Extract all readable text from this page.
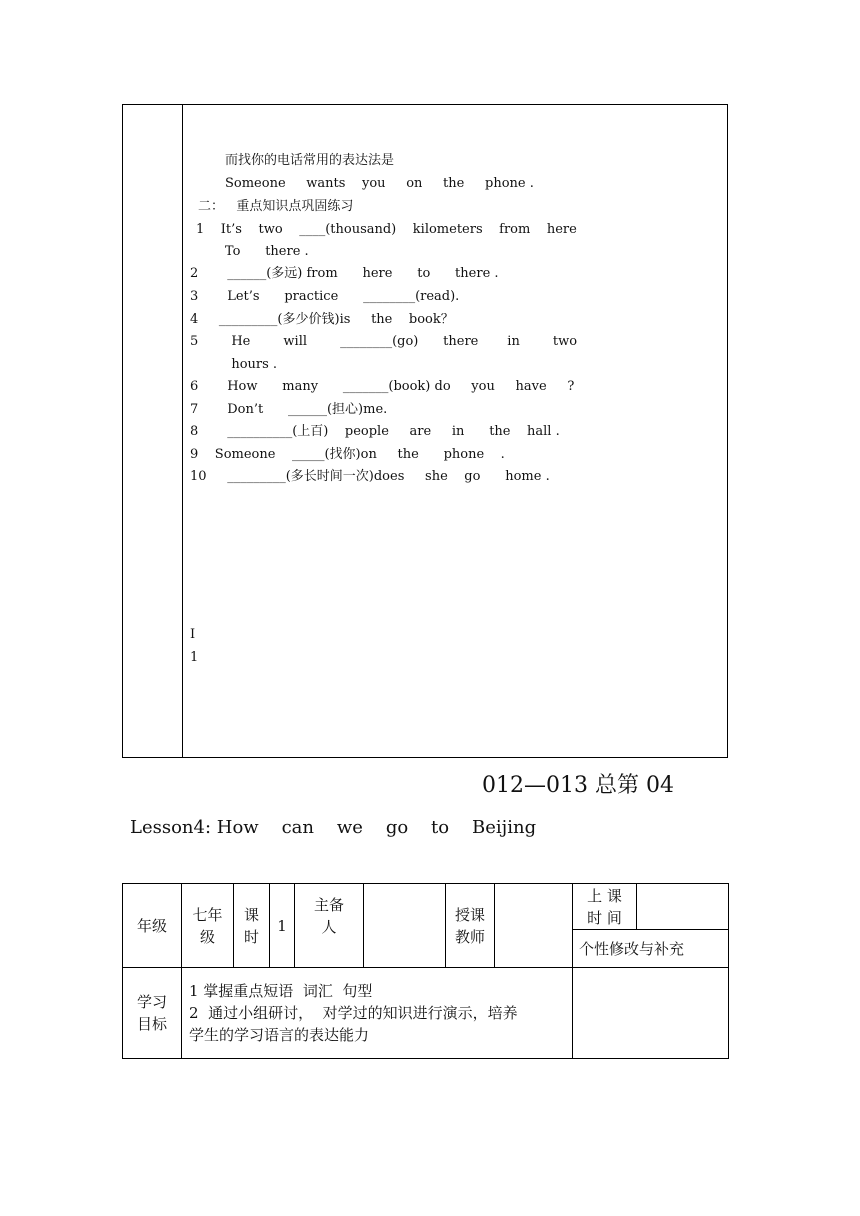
而找你的电话常用的表达法是
Someone     wants    you     on     the     phone .
二：   重点知识点巩固练习
1    It’s    two    ____(thousand)    kilometers    from    here
To      there .
2       ______(多远) from      here      to      there .
3       Let’s      practice      ________(read).
4     _________(多少价钱)is     the    book？
5        He        will        ________(go)      there       in        two
hours .
6       How      many      _______(book) do     you     have     ?
7       Don’t      ______(担心)me.
8       __________(上百)    people     are     in      the    hall .
9    Someone    _____(找你)on     the      phone    .
10     _________(多长时间一次)does     she    go      home .
I
1
012—013 总第 04
Lesson4: How    can    we    go    to    Beijing
年级
七年级
课时
1
主备人
授课教师
上 课 时 间
个性修改与补充
学习目标
1 掌握重点短语  词汇  句型
2  通过小组研讨，  对学过的知识进行演示，培养
学生的学习语言的表达能力
